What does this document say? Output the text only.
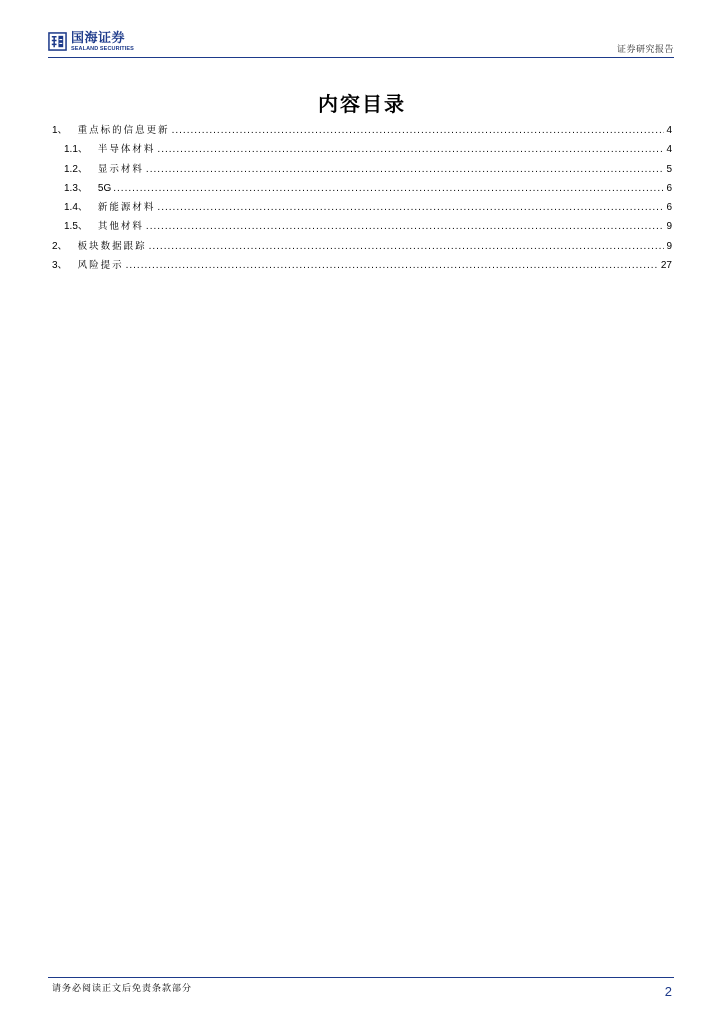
国海证券
SEALAND SECURITIES	证券研究报告
内容目录
1、 重点标的信息更新 .....	4
1.1、 半导体材料 .....	4
1.2、 显示材料 .....	5
1.3、 5G .....	6
1.4、 新能源材料 .....	6
1.5、 其他材料 .....	9
2、 板块数据跟踪 .....	9
3、 风险提示 .....	27
请务必阅读正文后免责条款部分	2
